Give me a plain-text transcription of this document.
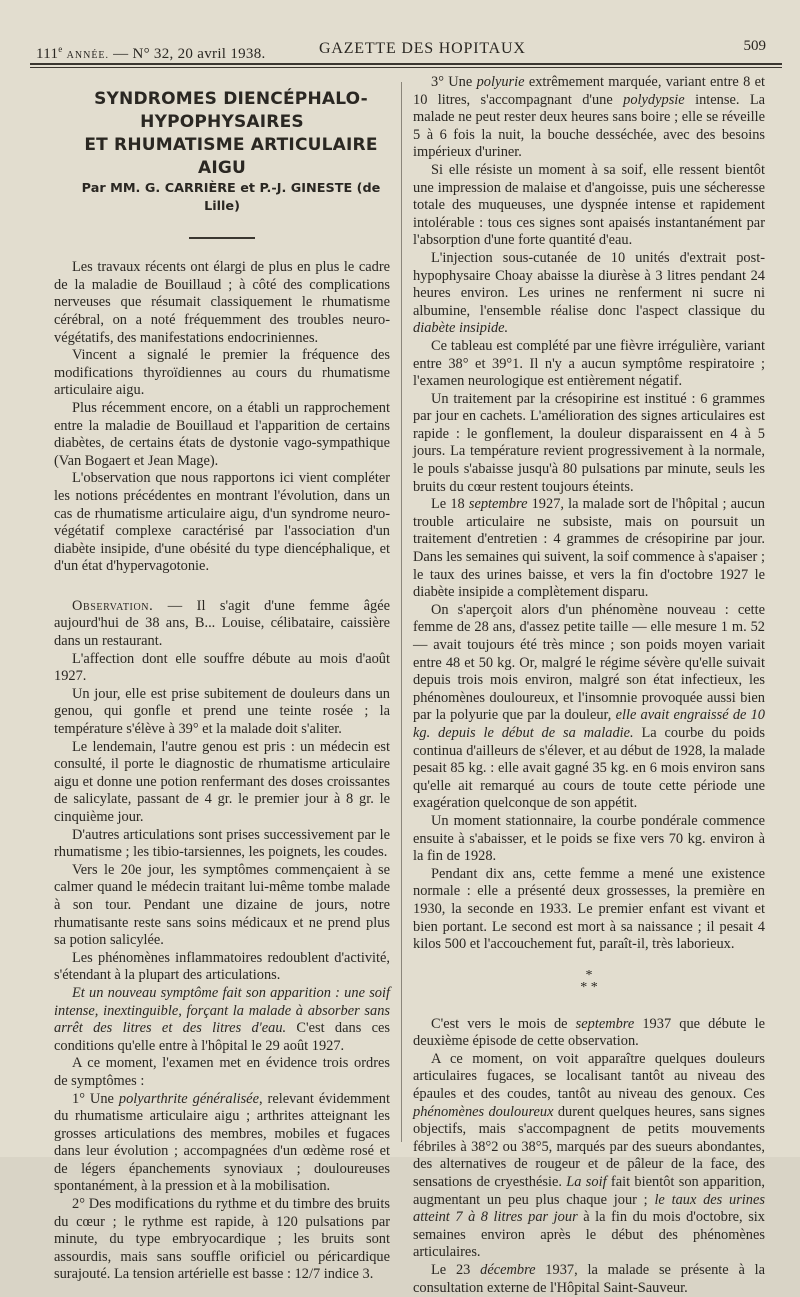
111e ANNÉE. — N° 32, 20 avril 1938.	GAZETTE DES HOPITAUX	509

SYNDROMES DIENCÉPHALO-HYPOPHYSAIRES

ET RHUMATISME ARTICULAIRE AIGU

Par MM. G. CARRIÈRE et P.-J. GINESTE (de Lille)

Les travaux récents ont élargi de plus en plus le cadre de la maladie de Bouillaud ; à côté des complications nerveuses que résumait classiquement le rhumatisme cérébral, on a noté fréquemment des troubles neuro-végétatifs, des manifestations endocriniennes.

Vincent a signalé le premier la fréquence des modifications thyroïdiennes au cours du rhumatisme articulaire aigu.

Plus récemment encore, on a établi un rapprochement entre la maladie de Bouillaud et l'apparition de certains diabètes, de certains états de dystonie vago-sympathique (Van Bogaert et Jean Mage).

L'observation que nous rapportons ici vient compléter les notions précédentes en montrant l'évolution, dans un cas de rhumatisme articulaire aigu, d'un syndrome neuro-végétatif complexe caractérisé par l'association d'un diabète insipide, d'une obésité du type diencéphalique, et d'un état d'hypervagotonie.

Observation. — Il s'agit d'une femme âgée aujourd'hui de 38 ans, B... Louise, célibataire, caissière dans un restaurant.

L'affection dont elle souffre débute au mois d'août 1927.

Un jour, elle est prise subitement de douleurs dans un genou, qui gonfle et prend une teinte rosée ; la température s'élève à 39° et la malade doit s'aliter.

Le lendemain, l'autre genou est pris : un médecin est consulté, il porte le diagnostic de rhumatisme articulaire aigu et donne une potion renfermant des doses croissantes de salicylate, passant de 4 gr. le premier jour à 8 gr. le cinquième jour.

D'autres articulations sont prises successivement par le rhumatisme ; les tibio-tarsiennes, les poignets, les coudes.

Vers le 20e jour, les symptômes commençaient à se calmer quand le médecin traitant lui-même tombe malade à son tour. Pendant une dizaine de jours, notre rhumatisante reste sans soins médicaux et ne prend plus sa potion salicylée.

Les phénomènes inflammatoires redoublent d'activité, s'étendant à la plupart des articulations.

Et un nouveau symptôme fait son apparition : une soif intense, inextinguible, forçant la malade à absorber sans arrêt des litres et des litres d'eau. C'est dans ces conditions qu'elle entre à l'hôpital le 29 août 1927.

A ce moment, l'examen met en évidence trois ordres de symptômes :

1° Une polyarthrite généralisée, relevant évidemment du rhumatisme articulaire aigu ; arthrites atteignant les grosses articulations des membres, mobiles et fugaces dans leur évolution ; accompagnées d'un œdème rosé et de légers épanchements synoviaux ; douloureuses spontanément, à la pression et à la mobilisation.

2° Des modifications du rythme et du timbre des bruits du cœur ; le rythme est rapide, à 120 pulsations par minute, du type embryocardique ; les bruits sont assourdis, mais sans souffle orificiel ou péricardique surajouté. La tension artérielle est basse : 12/7 indice 3.

3° Une polyurie extrêmement marquée, variant entre 8 et 10 litres, s'accompagnant d'une polydypsie intense. La malade ne peut rester deux heures sans boire ; elle se réveille 5 à 6 fois la nuit, la bouche desséchée, avec des besoins impérieux d'uriner.

Si elle résiste un moment à sa soif, elle ressent bientôt une impression de malaise et d'angoisse, puis une sécheresse totale des muqueuses, une dyspnée intense et rapidement intolérable : tous ces signes sont apaisés instantanément par l'absorption d'une forte quantité d'eau.

L'injection sous-cutanée de 10 unités d'extrait post-hypophysaire Choay abaisse la diurèse à 3 litres pendant 24 heures environ. Les urines ne renferment ni sucre ni albumine, l'ensemble réalise donc l'aspect classique du diabète insipide.

Ce tableau est complété par une fièvre irrégulière, variant entre 38° et 39°1. Il n'y a aucun symptôme respiratoire ; l'examen neurologique est entièrement négatif.

Un traitement par la crésopirine est institué : 6 grammes par jour en cachets. L'amélioration des signes articulaires est rapide : le gonflement, la douleur disparaissent en 4 à 5 jours. La température revient progressivement à la normale, le pouls s'abaisse jusqu'à 80 pulsations par minute, seuls les bruits du cœur restent toujours éteints.

Le 18 septembre 1927, la malade sort de l'hôpital ; aucun trouble articulaire ne subsiste, mais on poursuit un traitement d'entretien : 4 grammes de crésopirine par jour. Dans les semaines qui suivent, la soif commence à s'apaiser ; le taux des urines baisse, et vers la fin d'octobre 1927 le diabète insipide a complètement disparu.

On s'aperçoit alors d'un phénomène nouveau : cette femme de 28 ans, d'assez petite taille — elle mesure 1 m. 52 — avait toujours été très mince ; son poids moyen variait entre 48 et 50 kg. Or, malgré le régime sévère qu'elle suivait depuis trois mois environ, malgré son état infectieux, les phénomènes douloureux, et l'insomnie provoquée aussi bien par la polyurie que par la douleur, elle avait engraissé de 10 kg. depuis le début de sa maladie. La courbe du poids continua d'ailleurs de s'élever, et au début de 1928, la malade pesait 85 kg. : elle avait gagné 35 kg. en 6 mois environ sans qu'elle ait remarqué au cours de toute cette période une exagération quelconque de son appétit.

Un moment stationnaire, la courbe pondérale commence ensuite à s'abaisser, et le poids se fixe vers 70 kg. environ à la fin de 1928.

Pendant dix ans, cette femme a mené une existence normale : elle a présenté deux grossesses, la première en 1930, la seconde en 1933. Le premier enfant est vivant et bien portant. Le second est mort à sa naissance ; il pesait 4 kilos 500 et l'accouchement fut, paraît-il, très laborieux.

*
* *

C'est vers le mois de septembre 1937 que débute le deuxième épisode de cette observation.

A ce moment, on voit apparaître quelques douleurs articulaires fugaces, se localisant tantôt au niveau des épaules et des coudes, tantôt au niveau des genoux. Ces phénomènes douloureux durent quelques heures, sans signes objectifs, mais s'accompagnent de petits mouvements fébriles à 38°2 ou 38°5, marqués par des sueurs abondantes, des alternatives de rougeur et de pâleur de la face, des sensations de cryesthésie. La soif fait bientôt son apparition, augmentant un peu plus chaque jour ; le taux des urines atteint 7 à 8 litres par jour à la fin du mois d'octobre, six semaines environ après le début des phénomènes articulaires.

Le 23 décembre 1937, la malade se présente à la consultation externe de l'Hôpital Saint-Sauveur.
